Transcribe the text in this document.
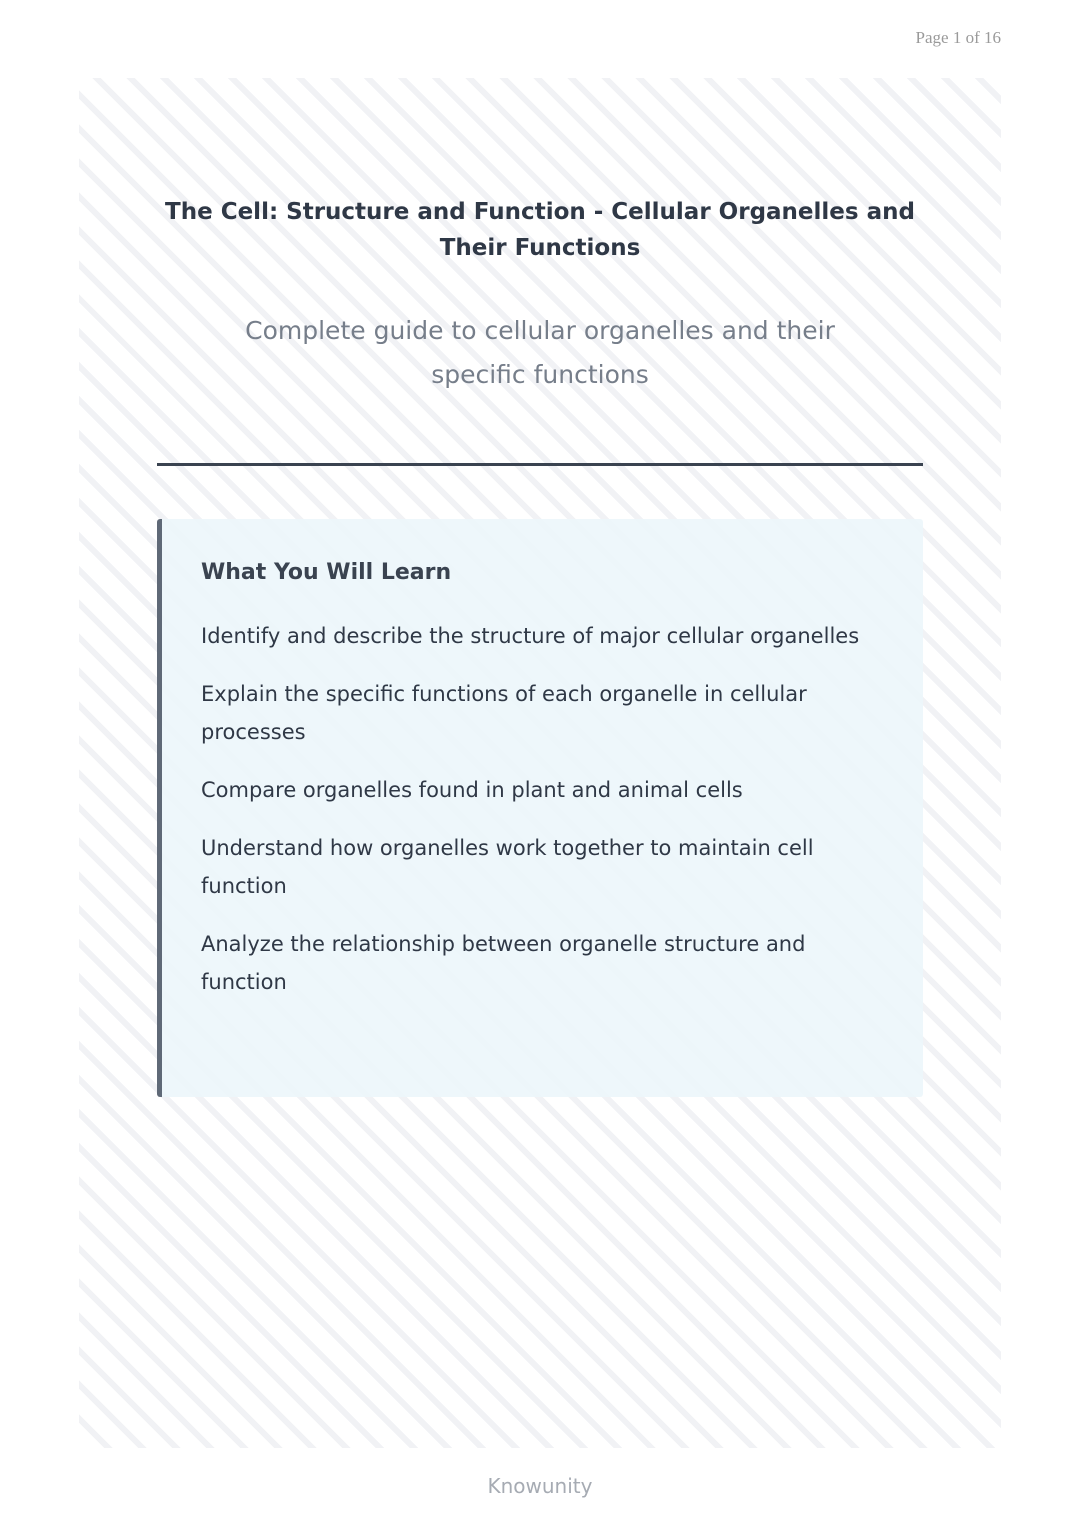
Page 1 of 16
The Cell: Structure and Function - Cellular Organelles and Their Functions
Complete guide to cellular organelles and their specific functions
What You Will Learn
Identify and describe the structure of major cellular organelles
Explain the specific functions of each organelle in cellular processes
Compare organelles found in plant and animal cells
Understand how organelles work together to maintain cell function
Analyze the relationship between organelle structure and function
Knowunity
